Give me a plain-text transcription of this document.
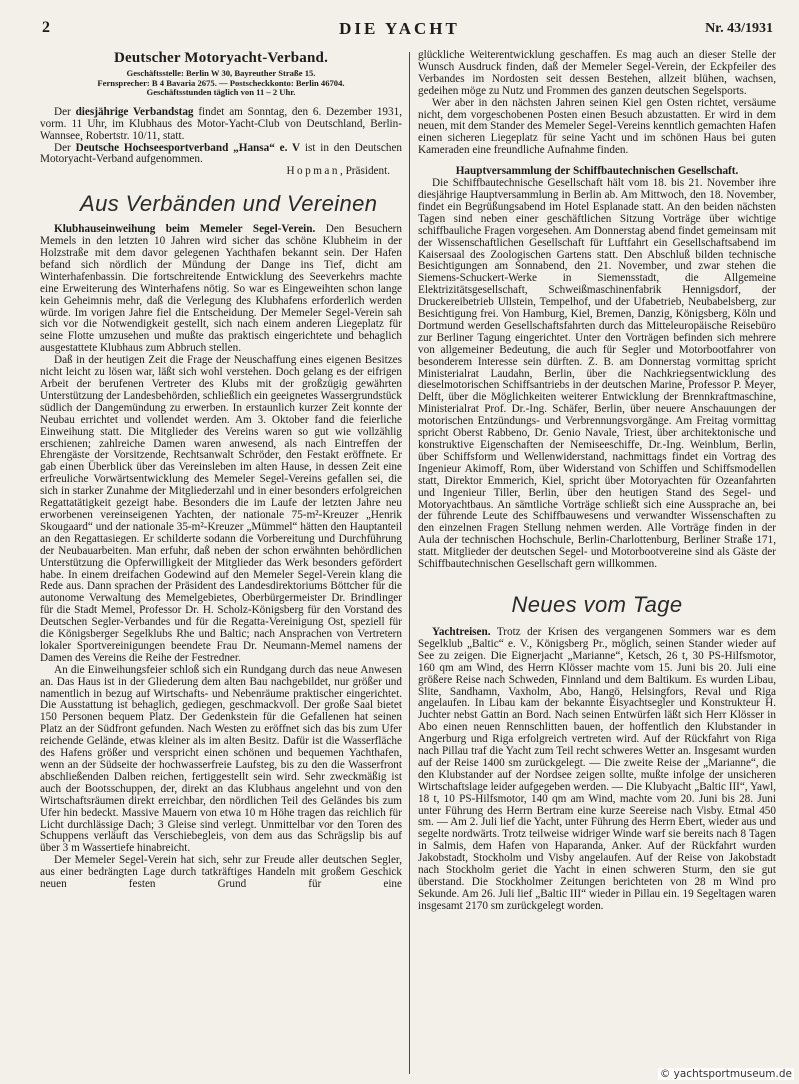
2	DIE YACHT	Nr. 43/1931

Deutscher Motoryacht-Verband.

Geschäftsstelle: Berlin W 30, Bayreuther Straße 15.

Fernsprecher: B 4 Bavaria 2675. — Postscheckkonto: Berlin 46704.

Geschäftsstunden täglich von 11 – 2 Uhr.

Der diesjährige Verbandstag findet am Sonntag, den 6. Dezember 1931, vorm. 11 Uhr, im Klubhaus des Motor-Yacht-Club von Deutschland, Berlin-Wannsee, Robertstr. 10/11, statt.

Der Deutsche Hochseesportverband „Hansa“ e. V ist in den Deutschen Motoryacht-Verband aufgenommen.

Hopman, Präsident.

Aus Verbänden und Vereinen

Klubhauseinweihung beim Memeler Segel-Verein. Den Besuchern Memels in den letzten 10 Jahren wird sicher das schöne Klubheim in der Holzstraße mit dem davor gelegenen Yachthafen bekannt sein. Der Hafen befand sich nördlich der Mündung der Dange ins Tief, dicht am Winterhafenbassin. Die fortschreitende Entwicklung des Seeverkehrs machte eine Erweiterung des Winterhafens nötig. So war es Eingeweihten schon lange kein Geheimnis mehr, daß die Verlegung des Klubhafens erforderlich werden würde. Im vorigen Jahre fiel die Entscheidung. Der Memeler Segel-Verein sah sich vor die Notwendigkeit gestellt, sich nach einem anderen Liegeplatz für seine Flotte umzusehen und mußte das praktisch eingerichtete und behaglich ausgestattete Klubhaus zum Abbruch stellen.

Daß in der heutigen Zeit die Frage der Neuschaffung eines eigenen Besitzes nicht leicht zu lösen war, läßt sich wohl verstehen. Doch gelang es der eifrigen Arbeit der berufenen Vertreter des Klubs mit der großzügig gewährten Unterstützung der Landesbehörden, schließlich ein geeignetes Wassergrundstück südlich der Dangemündung zu erwerben. In erstaunlich kurzer Zeit konnte der Neubau errichtet und vollendet werden. Am 3. Oktober fand die feierliche Einweihung statt. Die Mitglieder des Vereins waren so gut wie vollzählig erschienen; zahlreiche Damen waren anwesend, als nach Eintreffen der Ehrengäste der Vorsitzende, Rechtsanwalt Schröder, den Festakt eröffnete. Er gab einen Überblick über das Vereinsleben im alten Hause, in dessen Zeit eine erfreuliche Vorwärtsentwicklung des Memeler Segel-Vereins gefallen sei, die sich in starker Zunahme der Mitgliederzahl und in einer besonders erfolgreichen Regattatätigkeit gezeigt habe. Besonders die im Laufe der letzten Jahre neu erworbenen vereinseigenen Yachten, der nationale 75-m²-Kreuzer „Henrik Skougaard“ und der nationale 35-m²-Kreuzer „Mümmel“ hätten den Hauptanteil an den Regattasiegen. Er schilderte sodann die Vorbereitung und Durchführung der Neubauarbeiten. Man erfuhr, daß neben der schon erwähnten behördlichen Unterstützung die Opferwilligkeit der Mitglieder das Werk besonders gefördert habe. In einem dreifachen Godewind auf den Memeler Segel-Verein klang die Rede aus. Dann sprachen der Präsident des Landesdirektoriums Böttcher für die autonome Verwaltung des Memelgebietes, Oberbürgermeister Dr. Brindlinger für die Stadt Memel, Professor Dr. H. Scholz-Königsberg für den Vorstand des Deutschen Segler-Verbandes und für die Regatta-Vereinigung Ost, speziell für die Königsberger Segelklubs Rhe und Baltic; nach Ansprachen von Vertretern lokaler Sportvereinigungen beendete Frau Dr. Neumann-Memel namens der Damen des Vereins die Reihe der Festredner.

An die Einweihungsfeier schloß sich ein Rundgang durch das neue Anwesen an. Das Haus ist in der Gliederung dem alten Bau nachgebildet, nur größer und namentlich in bezug auf Wirtschafts- und Nebenräume praktischer eingerichtet. Die Ausstattung ist behaglich, gediegen, geschmackvoll. Der große Saal bietet 150 Personen bequem Platz. Der Gedenkstein für die Gefallenen hat seinen Platz an der Südfront gefunden. Nach Westen zu eröffnet sich das bis zum Ufer reichende Gelände, etwas kleiner als im alten Besitz. Dafür ist die Wasserfläche des Hafens größer und verspricht einen schönen und bequemen Yachthafen, wenn an der Südseite der hochwasserfreie Laufsteg, bis zu den die Wasserfront abschließenden Dalben reichen, fertiggestellt sein wird. Sehr zweckmäßig ist auch der Bootsschuppen, der, direkt an das Klubhaus angelehnt und von den Wirtschaftsräumen direkt erreichbar, den nördlichen Teil des Geländes bis zum Ufer hin bedeckt. Massive Mauern von etwa 10 m Höhe tragen das reichlich für Licht durchlässige Dach; 3 Gleise sind verlegt. Unmittelbar vor den Toren des Schuppens verläuft das Verschiebegleis, von dem aus das Schrägslip bis auf über 3 m Wassertiefe hinabreicht.

Der Memeler Segel-Verein hat sich, sehr zur Freude aller deutschen Segler, aus einer bedrängten Lage durch tatkräftiges Handeln mit großem Geschick neuen festen Grund für eine

glückliche Weiterentwicklung geschaffen. Es mag auch an dieser Stelle der Wunsch Ausdruck finden, daß der Memeler Segel-Verein, der Eckpfeiler des Verbandes im Nordosten seit dessen Bestehen, allzeit blühen, wachsen, gedeihen möge zu Nutz und Frommen des ganzen deutschen Segelsports.

Wer aber in den nächsten Jahren seinen Kiel gen Osten richtet, versäume nicht, dem vorgeschobenen Posten einen Besuch abzustatten. Er wird in dem neuen, mit dem Stander des Memeler Segel-Vereins kenntlich gemachten Hafen einen sicheren Liegeplatz für seine Yacht und im schönen Haus bei guten Kameraden eine freundliche Aufnahme finden.

Hauptversammlung der Schiffbautechnischen Gesellschaft.

Die Schiffbautechnische Gesellschaft hält vom 18. bis 21. November ihre diesjährige Hauptversammlung in Berlin ab. Am Mittwoch, den 18. November, findet ein Begrüßungsabend im Hotel Esplanade statt. An den beiden nächsten Tagen sind neben einer geschäftlichen Sitzung Vorträge über wichtige schiffbauliche Fragen vorgesehen. Am Donnerstag abend findet gemeinsam mit der Wissenschaftlichen Gesellschaft für Luftfahrt ein Gesellschaftsabend im Kaisersaal des Zoologischen Gartens statt. Den Abschluß bilden technische Besichtigungen am Sonnabend, den 21. November, und zwar stehen die Siemens-Schuckert-Werke in Siemensstadt, die Allgemeine Elektrizitätsgesellschaft, Schweißmaschinenfabrik Hennigsdorf, der Druckereibetrieb Ullstein, Tempelhof, und der Ufabetrieb, Neubabelsberg, zur Besichtigung frei. Von Hamburg, Kiel, Bremen, Danzig, Königsberg, Köln und Dortmund werden Gesellschaftsfahrten durch das Mitteleuropäische Reisebüro zur Berliner Tagung eingerichtet. Unter den Vorträgen befinden sich mehrere von allgemeiner Bedeutung, die auch für Segler und Motorbootfahrer von besonderem Interesse sein dürften. Z. B. am Donnerstag vormittag spricht Ministerialrat Laudahn, Berlin, über die Nachkriegsentwicklung des dieselmotorischen Schiffsantriebs in der deutschen Marine, Professor P. Meyer, Delft, über die Möglichkeiten weiterer Entwicklung der Brennkraftmaschine, Ministerialrat Prof. Dr.-Ing. Schäfer, Berlin, über neuere Anschauungen der motorischen Entzündungs- und Verbrennungsvorgänge. Am Freitag vormittag spricht Oberst Rabbeno, Dr. Genio Navale, Triest, über architektonische und konstruktive Eigenschaften der Nemiseeschiffe, Dr.-Ing. Weinblum, Berlin, über Schiffsform und Wellenwiderstand, nachmittags findet ein Vortrag des Ingenieur Akimoff, Rom, über Widerstand von Schiffen und Schiffsmodellen statt, Direktor Emmerich, Kiel, spricht über Motoryachten für Ozeanfahrten und Ingenieur Tiller, Berlin, über den heutigen Stand des Segel- und Motoryachtbaus. An sämtliche Vorträge schließt sich eine Aussprache an, bei der führende Leute des Schiffbauwesens und verwandter Wissenschaften zu den einzelnen Fragen Stellung nehmen werden. Alle Vorträge finden in der Aula der technischen Hochschule, Berlin-Charlottenburg, Berliner Straße 171, statt. Mitglieder der deutschen Segel- und Motorbootvereine sind als Gäste der Schiffbautechnischen Gesellschaft gern willkommen.

Neues vom Tage

Yachtreisen. Trotz der Krisen des vergangenen Sommers war es dem Segelklub „Baltic“ e. V., Königsberg Pr., möglich, seinen Stander wieder auf See zu zeigen. Die Eignerjacht „Marianne“, Ketsch, 26 t, 30 PS-Hilfsmotor, 160 qm am Wind, des Herrn Klösser machte vom 15. Juni bis 20. Juli eine größere Reise nach Schweden, Finnland und dem Baltikum. Es wurden Libau, Slite, Sandhamn, Vaxholm, Abo, Hangö, Helsingfors, Reval und Riga angelaufen. In Libau kam der bekannte Eisyachtsegler und Konstrukteur H. Juchter nebst Gattin an Bord. Nach seinen Entwürfen läßt sich Herr Klösser in Abo einen neuen Rennschlitten bauen, der hoffentlich den Klubstander in Angerburg und Riga erfolgreich vertreten wird. Auf der Rückfahrt von Riga nach Pillau traf die Yacht zum Teil recht schweres Wetter an. Insgesamt wurden auf der Reise 1400 sm zurückgelegt. — Die zweite Reise der „Marianne“, die den Klubstander auf der Nordsee zeigen sollte, mußte infolge der unsicheren Wirtschaftslage leider aufgegeben werden. — Die Klubyacht „Baltic III“, Yawl, 18 t, 10 PS-Hilfsmotor, 140 qm am Wind, machte vom 20. Juni bis 28. Juni unter Führung des Herrn Bertram eine kurze Seereise nach Visby. Etmal 450 sm. — Am 2. Juli lief die Yacht, unter Führung des Herrn Ebert, wieder aus und segelte nordwärts. Trotz teilweise widriger Winde warf sie bereits nach 8 Tagen in Salmis, dem Hafen von Haparanda, Anker. Auf der Rückfahrt wurden Jakobstadt, Stockholm und Visby angelaufen. Auf der Reise von Jakobstadt nach Stockholm geriet die Yacht in einen schweren Sturm, den sie gut überstand. Die Stockholmer Zeitungen berichteten von 28 m Wind pro Sekunde. Am 26. Juli lief „Baltic III“ wieder in Pillau ein. 19 Segeltagen waren insgesamt 2170 sm zurückgelegt worden.

© yachtsportmuseum.de
